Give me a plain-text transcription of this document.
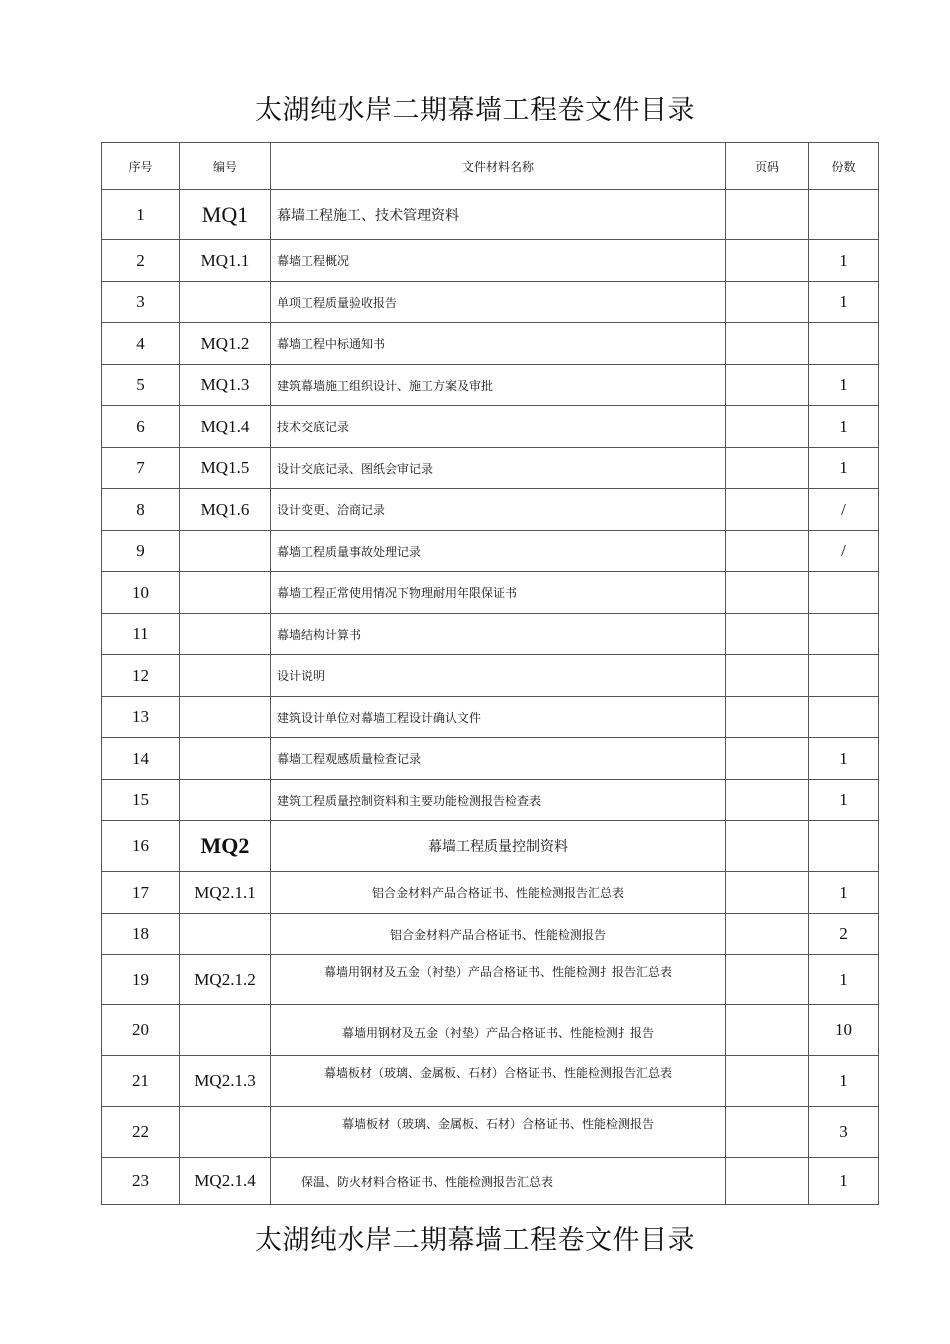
太湖纯水岸二期幕墙工程卷文件目录
序号	编号	文件材料名称	页码	份数
1	MQ1	幕墙工程施工、技术管理资料		
2	MQ1.1	幕墙工程概况		1
3		单项工程质量验收报告		1
4	MQ1.2	幕墙工程中标通知书		
5	MQ1.3	建筑幕墙施工组织设计、施工方案及审批		1
6	MQ1.4	技术交底记录		1
7	MQ1.5	设计交底记录、图纸会审记录		1
8	MQ1.6	设计变更、洽商记录		/
9		幕墙工程质量事故处理记录		/
10		幕墙工程正常使用情况下物理耐用年限保证书		
11		幕墙结构计算书		
12		设计说明		
13		建筑设计单位对幕墙工程设计确认文件		
14		幕墙工程观感质量检查记录		1
15		建筑工程质量控制资料和主要功能检测报告检查表		1
16	MQ2	幕墙工程质量控制资料		
17	MQ2.1.1	铝合金材料产品合格证书、性能检测报告汇总表		1
18		铝合金材料产品合格证书、性能检测报告		2
19	MQ2.1.2	幕墙用钢材及五金（衬垫）产品合格证书、性能检测扌报告汇总表		1
20		幕墙用钢材及五金（衬垫）产品合格证书、性能检测扌报告		10
21	MQ2.1.3	幕墙板材（玻璃、金属板、石材）合格证书、性能检测报告汇总表		1
22		幕墙板材（玻璃、金属板、石材）合格证书、性能检测报告		3
23	MQ2.1.4	保温、防火材料合格证书、性能检测报告汇总表		1
太湖纯水岸二期幕墙工程卷文件目录
